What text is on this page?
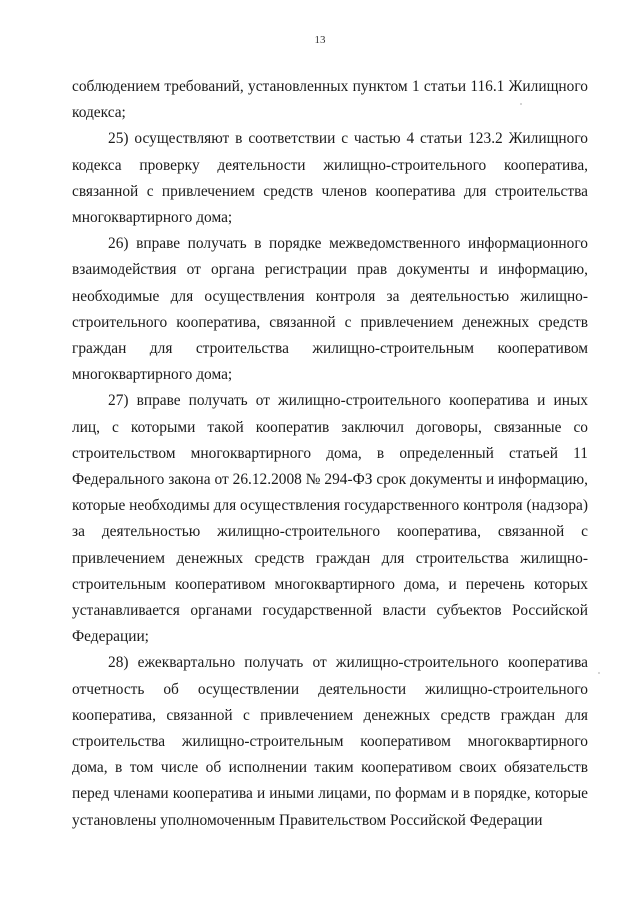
13

соблюдением требований, установленных пунктом 1 статьи 116.1 Жилищного кодекса;

25) осуществляют в соответствии с частью 4 статьи 123.2 Жилищного кодекса проверку деятельности жилищно-строительного кооператива, связанной с привлечением средств членов кооператива для строительства многоквартирного дома;

26) вправе получать в порядке межведомственного информационного взаимодействия от органа регистрации прав документы и информацию, необходимые для осуществления контроля за деятельностью жилищно-строительного кооператива, связанной с привлечением денежных средств граждан для строительства жилищно-строительным кооперативом многоквартирного дома;

27) вправе получать от жилищно-строительного кооператива и иных лиц, с которыми такой кооператив заключил договоры, связанные со строительством многоквартирного дома, в определенный статьей 11 Федерального закона от 26.12.2008 № 294-ФЗ срок документы и информацию, которые необходимы для осуществления государственного контроля (надзора) за деятельностью жилищно-строительного кооператива, связанной с привлечением денежных средств граждан для строительства жилищно-строительным кооперативом многоквартирного дома, и перечень которых устанавливается органами государственной власти субъектов Российской Федерации;

28) ежеквартально получать от жилищно-строительного кооператива отчетность об осуществлении деятельности жилищно-строительного кооператива, связанной с привлечением денежных средств граждан для строительства жилищно-строительным кооперативом многоквартирного дома, в том числе об исполнении таким кооперативом своих обязательств перед членами кооператива и иными лицами, по формам и в порядке, которые установлены уполномоченным Правительством Российской Федерации
